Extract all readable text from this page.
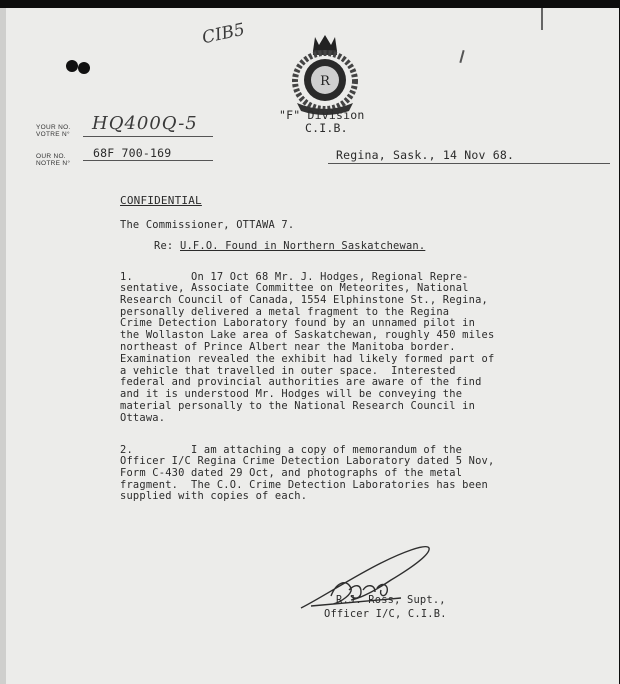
CIB5
R
"F" Division
C.I.B.
YOUR NO.
VOTRE N°
HQ400Q-5
OUR NO.
NOTRE N°
68F 700-169	Regina, Sask., 14 Nov 68.
CONFIDENTIAL
The Commissioner, OTTAWA 7.
Re: U.F.O. Found in Northern Saskatchewan.
1.	On 17 Oct 68 Mr. J. Hodges, Regional Repre-
sentative, Associate Committee on Meteorites, National
Research Council of Canada, 1554 Elphinstone St., Regina,
personally delivered a metal fragment to the Regina
Crime Detection Laboratory found by an unnamed pilot in
the Wollaston Lake area of Saskatchewan, roughly 450 miles
northeast of Prince Albert near the Manitoba border.
Examination revealed the exhibit had likely formed part of
a vehicle that travelled in outer space.  Interested
federal and provincial authorities are aware of the find
and it is understood Mr. Hodges will be conveying the
material personally to the National Research Council in
Ottawa.
2.	I am attaching a copy of memorandum of the
Officer I/C Regina Crime Detection Laboratory dated 5 Nov,
Form C-430 dated 29 Oct, and photographs of the metal
fragment.  The C.O. Crime Detection Laboratories has been
supplied with copies of each.
R.J. Ross, Supt.,
Officer I/C, C.I.B.
